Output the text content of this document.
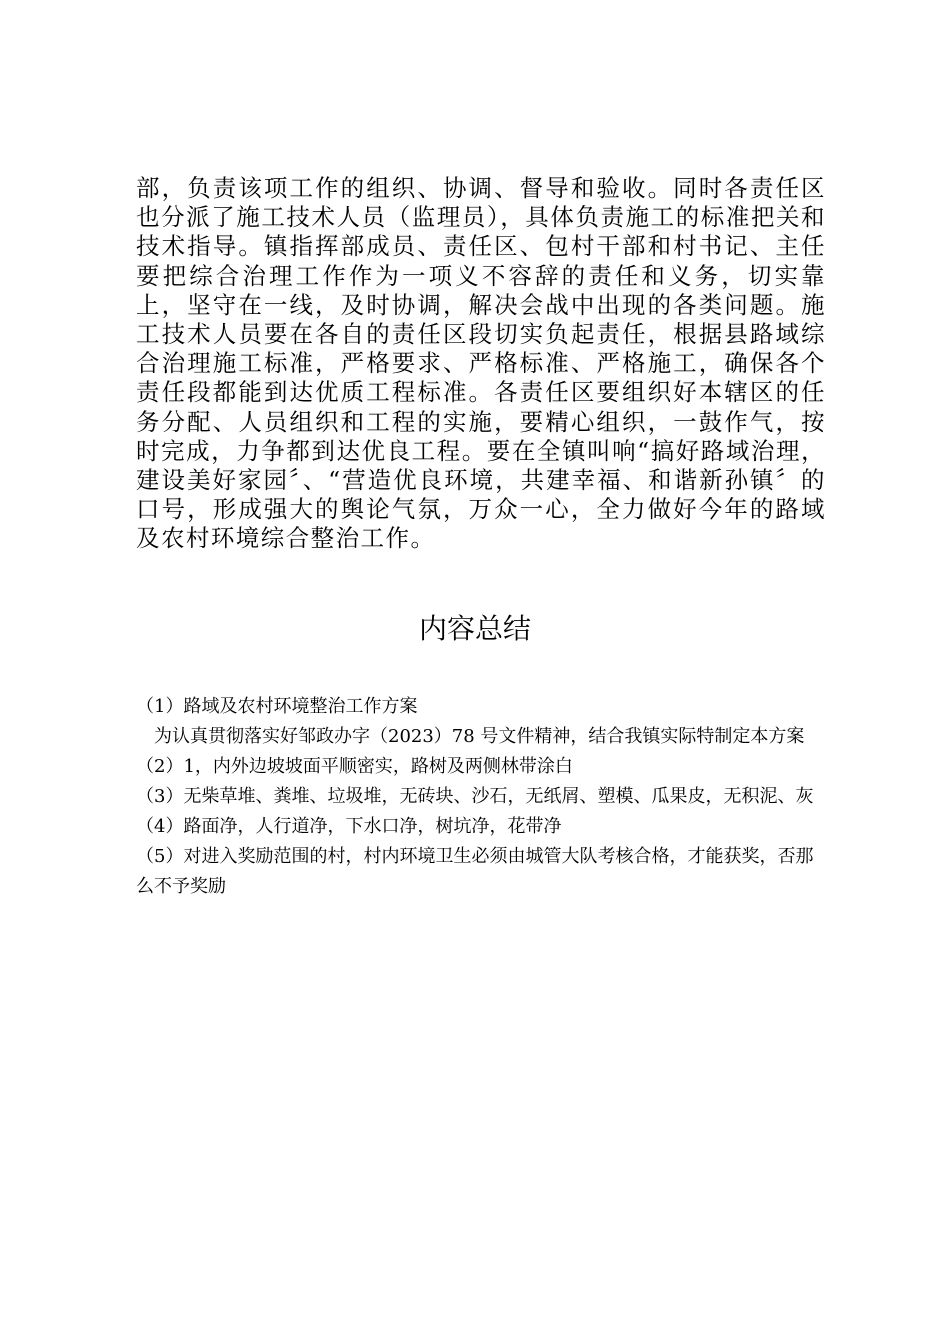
部，负责该项工作的组织、协调、督导和验收。同时各责任区也分派了施工技术人员（监理员），具体负责施工的标准把关和技术指导。镇指挥部成员、责任区、包村干部和村书记、主任要把综合治理工作作为一项义不容辞的责任和义务，切实靠上，坚守在一线，及时协调，解决会战中出现的各类问题。施工技术人员要在各自的责任区段切实负起责任，根据县路域综合治理施工标准，严格要求、严格标准、严格施工，确保各个责任段都能到达优质工程标准。各责任区要组织好本辖区的任务分配、人员组织和工程的实施，要精心组织，一鼓作气，按时完成，力争都到达优良工程。要在全镇叫响“搞好路域治理，建设美好家园〞、“营造优良环境，共建幸福、和谐新孙镇〞的口号，形成强大的舆论气氛，万众一心，全力做好今年的路域及农村环境综合整治工作。

内容总结

（1）路域及农村环境整治工作方案

　为认真贯彻落实好邹政办字（2023）78 号文件精神，结合我镇实际特制定本方案

（2）1，内外边坡坡面平顺密实，路树及两侧林带涂白

（3）无柴草堆、粪堆、垃圾堆，无砖块、沙石，无纸屑、塑模、瓜果皮，无积泥、灰

（4）路面净，人行道净，下水口净，树坑净，花带净

（5）对进入奖励范围的村，村内环境卫生必须由城管大队考核合格，才能获奖，否那么不予奖励
